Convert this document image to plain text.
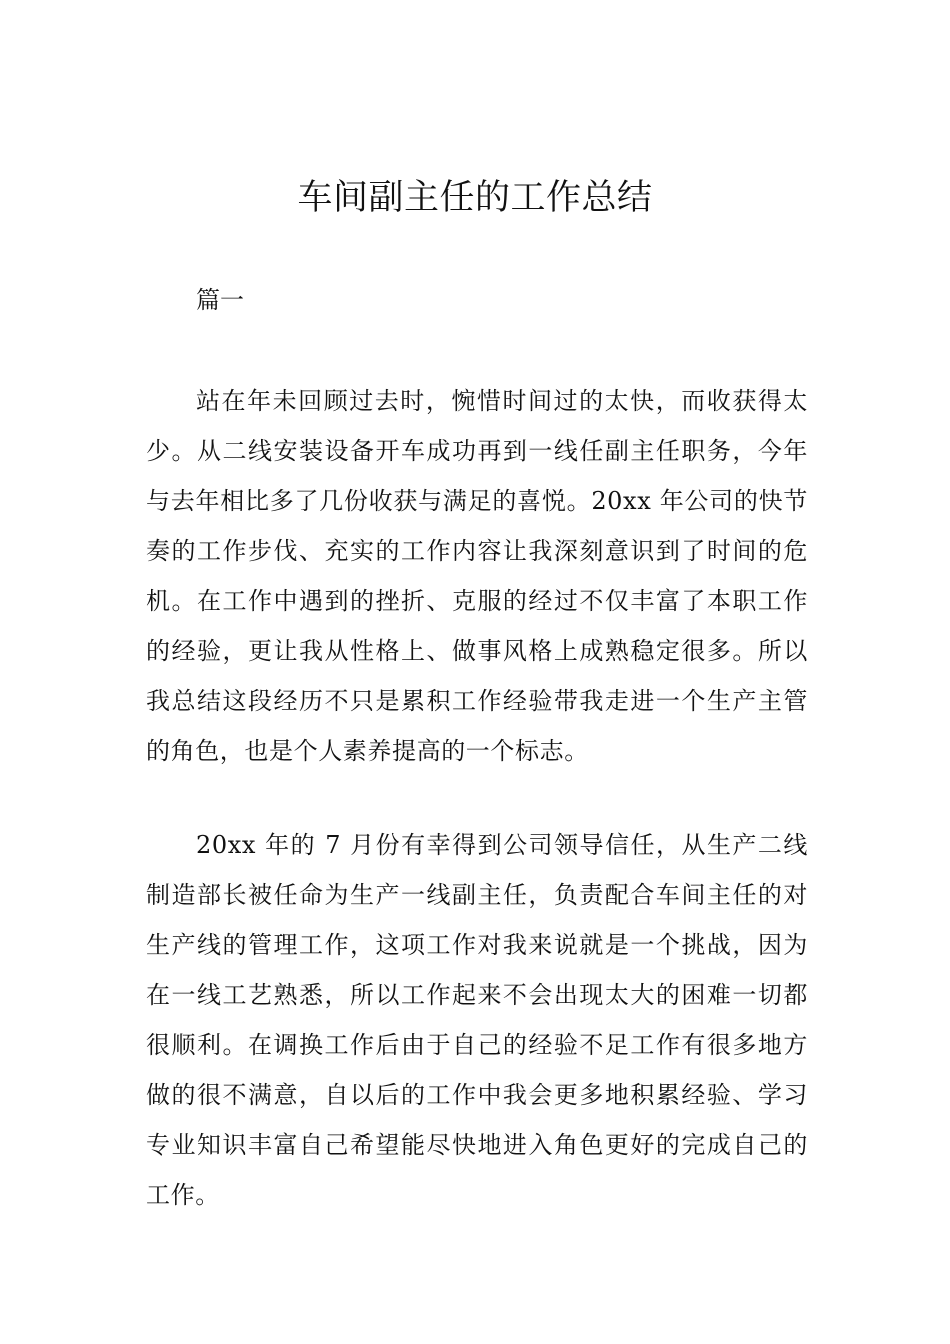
车间副主任的工作总结

篇一

站在年未回顾过去时，惋惜时间过的太快，而收获得太少。从二线安装设备开车成功再到一线任副主任职务，今年与去年相比多了几份收获与满足的喜悦。20xx 年公司的快节奏的工作步伐、充实的工作内容让我深刻意识到了时间的危机。在工作中遇到的挫折、克服的经过不仅丰富了本职工作的经验，更让我从性格上、做事风格上成熟稳定很多。所以我总结这段经历不只是累积工作经验带我走进一个生产主管的角色，也是个人素养提高的一个标志。

20xx 年的 7 月份有幸得到公司领导信任，从生产二线制造部长被任命为生产一线副主任，负责配合车间主任的对生产线的管理工作，这项工作对我来说就是一个挑战，因为在一线工艺熟悉，所以工作起来不会出现太大的困难一切都很顺利。在调换工作后由于自己的经验不足工作有很多地方做的很不满意，自以后的工作中我会更多地积累经验、学习专业知识丰富自己希望能尽快地进入角色更好的完成自己的工作。
